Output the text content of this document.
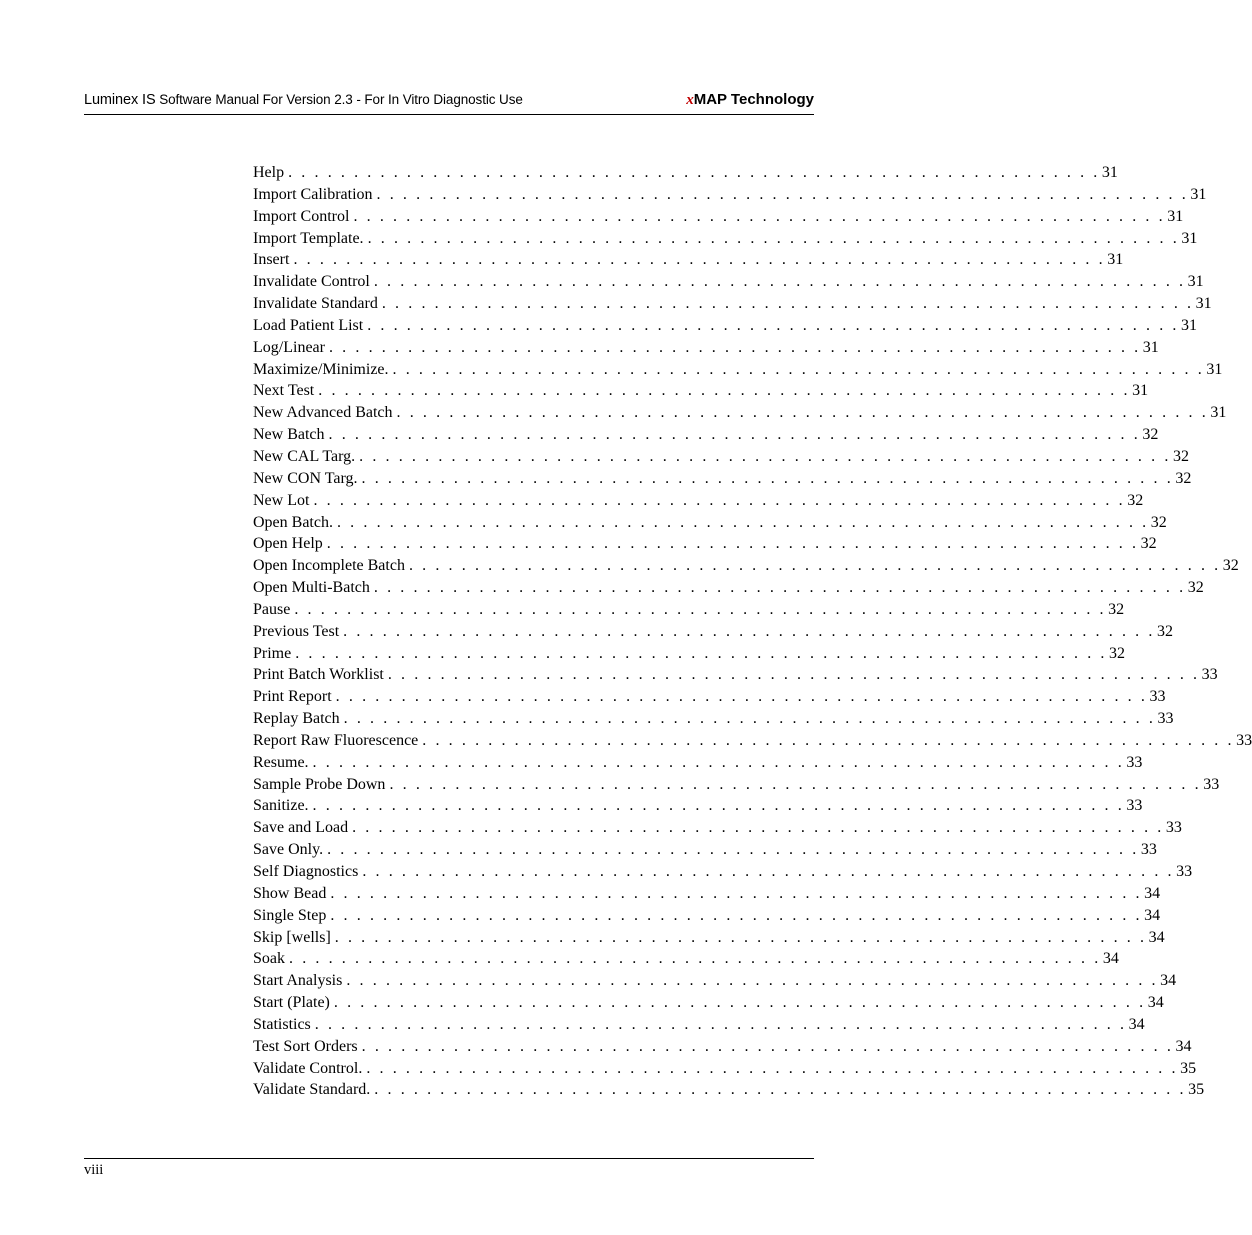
Luminex IS Software Manual For Version 2.3 - For In Vitro Diagnostic Use	xMAP Technology
Help . . . . . . . . . . . . . . . . . . . . . . . . . . . . . . . . . . . . . . . . . . . . . . . . . . . . . . . . . . . . . . 31
Import Calibration . . . . . . . . . . . . . . . . . . . . . . . . . . . . . . . . . . . . . . . . . . . . . . . . . . . . . . . . . . . . . . 31
Import Control . . . . . . . . . . . . . . . . . . . . . . . . . . . . . . . . . . . . . . . . . . . . . . . . . . . . . . . . . . . . . . 31
Import Template. . . . . . . . . . . . . . . . . . . . . . . . . . . . . . . . . . . . . . . . . . . . . . . . . . . . . . . . . . . . . . . 31
Insert . . . . . . . . . . . . . . . . . . . . . . . . . . . . . . . . . . . . . . . . . . . . . . . . . . . . . . . . . . . . . . 31
Invalidate Control . . . . . . . . . . . . . . . . . . . . . . . . . . . . . . . . . . . . . . . . . . . . . . . . . . . . . . . . . . . . . . 31
Invalidate Standard . . . . . . . . . . . . . . . . . . . . . . . . . . . . . . . . . . . . . . . . . . . . . . . . . . . . . . . . . . . . . . 31
Load Patient List . . . . . . . . . . . . . . . . . . . . . . . . . . . . . . . . . . . . . . . . . . . . . . . . . . . . . . . . . . . . . . 31
Log/Linear . . . . . . . . . . . . . . . . . . . . . . . . . . . . . . . . . . . . . . . . . . . . . . . . . . . . . . . . . . . . . . 31
Maximize/Minimize. . . . . . . . . . . . . . . . . . . . . . . . . . . . . . . . . . . . . . . . . . . . . . . . . . . . . . . . . . . . . . . 31
Next Test . . . . . . . . . . . . . . . . . . . . . . . . . . . . . . . . . . . . . . . . . . . . . . . . . . . . . . . . . . . . . . 31
New Advanced Batch . . . . . . . . . . . . . . . . . . . . . . . . . . . . . . . . . . . . . . . . . . . . . . . . . . . . . . . . . . . . . . 31
New Batch . . . . . . . . . . . . . . . . . . . . . . . . . . . . . . . . . . . . . . . . . . . . . . . . . . . . . . . . . . . . . . 32
New CAL Targ. . . . . . . . . . . . . . . . . . . . . . . . . . . . . . . . . . . . . . . . . . . . . . . . . . . . . . . . . . . . . . . 32
New CON Targ. . . . . . . . . . . . . . . . . . . . . . . . . . . . . . . . . . . . . . . . . . . . . . . . . . . . . . . . . . . . . . . 32
New Lot . . . . . . . . . . . . . . . . . . . . . . . . . . . . . . . . . . . . . . . . . . . . . . . . . . . . . . . . . . . . . . 32
Open Batch. . . . . . . . . . . . . . . . . . . . . . . . . . . . . . . . . . . . . . . . . . . . . . . . . . . . . . . . . . . . . . . 32
Open Help . . . . . . . . . . . . . . . . . . . . . . . . . . . . . . . . . . . . . . . . . . . . . . . . . . . . . . . . . . . . . . 32
Open Incomplete Batch . . . . . . . . . . . . . . . . . . . . . . . . . . . . . . . . . . . . . . . . . . . . . . . . . . . . . . . . . . . . . . 32
Open Multi-Batch . . . . . . . . . . . . . . . . . . . . . . . . . . . . . . . . . . . . . . . . . . . . . . . . . . . . . . . . . . . . . . 32
Pause . . . . . . . . . . . . . . . . . . . . . . . . . . . . . . . . . . . . . . . . . . . . . . . . . . . . . . . . . . . . . . 32
Previous Test . . . . . . . . . . . . . . . . . . . . . . . . . . . . . . . . . . . . . . . . . . . . . . . . . . . . . . . . . . . . . . 32
Prime . . . . . . . . . . . . . . . . . . . . . . . . . . . . . . . . . . . . . . . . . . . . . . . . . . . . . . . . . . . . . . 32
Print Batch Worklist . . . . . . . . . . . . . . . . . . . . . . . . . . . . . . . . . . . . . . . . . . . . . . . . . . . . . . . . . . . . . . 33
Print Report . . . . . . . . . . . . . . . . . . . . . . . . . . . . . . . . . . . . . . . . . . . . . . . . . . . . . . . . . . . . . . 33
Replay Batch . . . . . . . . . . . . . . . . . . . . . . . . . . . . . . . . . . . . . . . . . . . . . . . . . . . . . . . . . . . . . . 33
Report Raw Fluorescence . . . . . . . . . . . . . . . . . . . . . . . . . . . . . . . . . . . . . . . . . . . . . . . . . . . . . . . . . . . . . . 33
Resume. . . . . . . . . . . . . . . . . . . . . . . . . . . . . . . . . . . . . . . . . . . . . . . . . . . . . . . . . . . . . . . 33
Sample Probe Down . . . . . . . . . . . . . . . . . . . . . . . . . . . . . . . . . . . . . . . . . . . . . . . . . . . . . . . . . . . . . . 33
Sanitize. . . . . . . . . . . . . . . . . . . . . . . . . . . . . . . . . . . . . . . . . . . . . . . . . . . . . . . . . . . . . . . 33
Save and Load . . . . . . . . . . . . . . . . . . . . . . . . . . . . . . . . . . . . . . . . . . . . . . . . . . . . . . . . . . . . . . 33
Save Only. . . . . . . . . . . . . . . . . . . . . . . . . . . . . . . . . . . . . . . . . . . . . . . . . . . . . . . . . . . . . . . 33
Self Diagnostics . . . . . . . . . . . . . . . . . . . . . . . . . . . . . . . . . . . . . . . . . . . . . . . . . . . . . . . . . . . . . . 33
Show Bead . . . . . . . . . . . . . . . . . . . . . . . . . . . . . . . . . . . . . . . . . . . . . . . . . . . . . . . . . . . . . . 34
Single Step . . . . . . . . . . . . . . . . . . . . . . . . . . . . . . . . . . . . . . . . . . . . . . . . . . . . . . . . . . . . . . 34
Skip [wells] . . . . . . . . . . . . . . . . . . . . . . . . . . . . . . . . . . . . . . . . . . . . . . . . . . . . . . . . . . . . . . 34
Soak . . . . . . . . . . . . . . . . . . . . . . . . . . . . . . . . . . . . . . . . . . . . . . . . . . . . . . . . . . . . . . 34
Start Analysis . . . . . . . . . . . . . . . . . . . . . . . . . . . . . . . . . . . . . . . . . . . . . . . . . . . . . . . . . . . . . . 34
Start (Plate) . . . . . . . . . . . . . . . . . . . . . . . . . . . . . . . . . . . . . . . . . . . . . . . . . . . . . . . . . . . . . . 34
Statistics . . . . . . . . . . . . . . . . . . . . . . . . . . . . . . . . . . . . . . . . . . . . . . . . . . . . . . . . . . . . . . 34
Test Sort Orders . . . . . . . . . . . . . . . . . . . . . . . . . . . . . . . . . . . . . . . . . . . . . . . . . . . . . . . . . . . . . . 34
Validate Control. . . . . . . . . . . . . . . . . . . . . . . . . . . . . . . . . . . . . . . . . . . . . . . . . . . . . . . . . . . . . . . 35
Validate Standard. . . . . . . . . . . . . . . . . . . . . . . . . . . . . . . . . . . . . . . . . . . . . . . . . . . . . . . . . . . . . . . 35
viii
